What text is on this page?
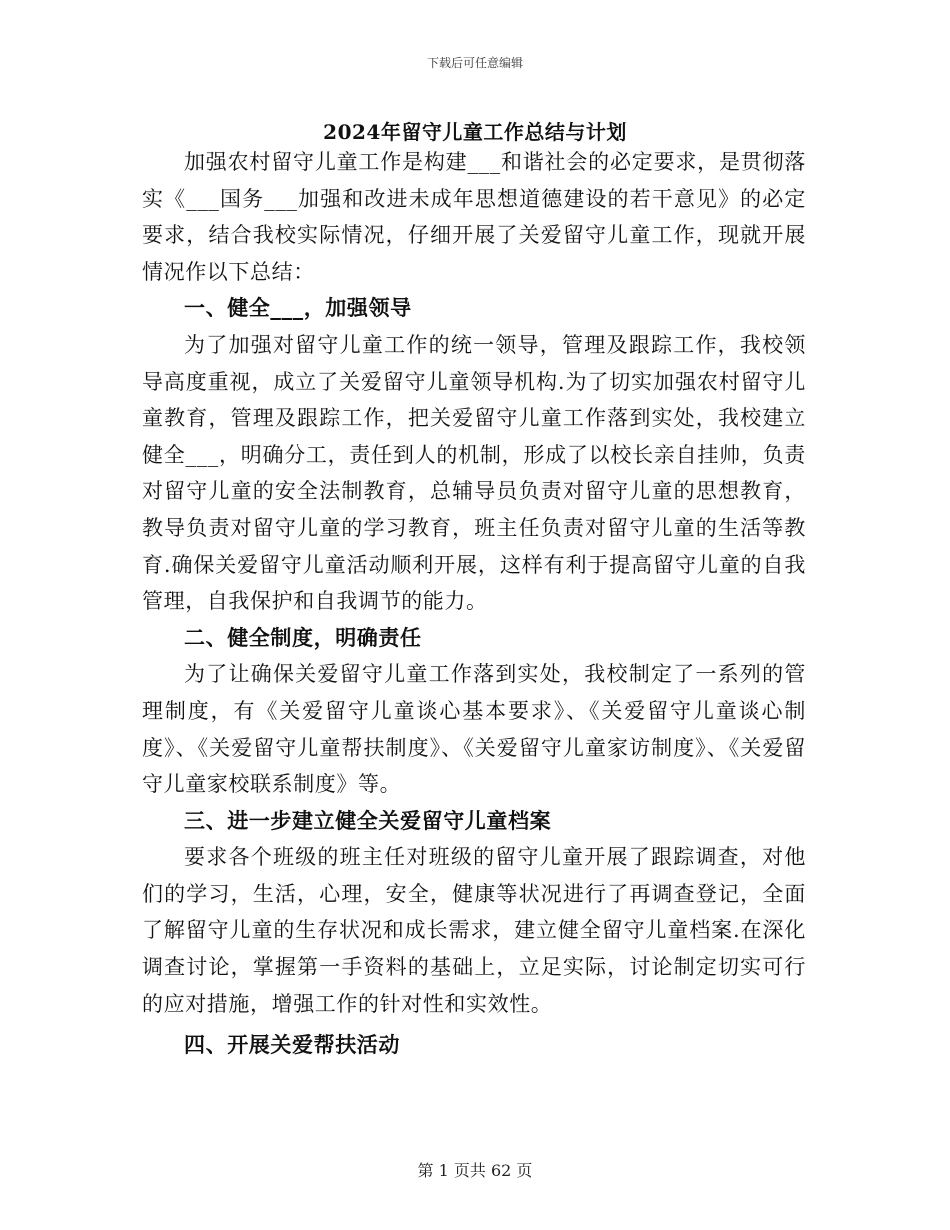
下载后可任意编辑
2024年留守儿童工作总结与计划

加强农村留守儿童工作是构建___和谐社会的必定要求，是贯彻落实《___国务___加强和改进未成年思想道德建设的若干意见》的必定要求，结合我校实际情况，仔细开展了关爱留守儿童工作，现就开展情况作以下总结：

一、健全___，加强领导

为了加强对留守儿童工作的统一领导，管理及跟踪工作，我校领导高度重视，成立了关爱留守儿童领导机构.为了切实加强农村留守儿童教育，管理及跟踪工作，把关爱留守儿童工作落到实处，我校建立健全___，明确分工，责任到人的机制，形成了以校长亲自挂帅，负责对留守儿童的安全法制教育，总辅导员负责对留守儿童的思想教育，教导负责对留守儿童的学习教育，班主任负责对留守儿童的生活等教育.确保关爱留守儿童活动顺利开展，这样有利于提高留守儿童的自我管理，自我保护和自我调节的能力。

二、健全制度，明确责任

为了让确保关爱留守儿童工作落到实处，我校制定了一系列的管理制度，有《关爱留守儿童谈心基本要求》、《关爱留守儿童谈心制度》、《关爱留守儿童帮扶制度》、《关爱留守儿童家访制度》、《关爱留守儿童家校联系制度》等。

三、进一步建立健全关爱留守儿童档案

要求各个班级的班主任对班级的留守儿童开展了跟踪调查，对他们的学习，生活，心理，安全，健康等状况进行了再调查登记，全面了解留守儿童的生存状况和成长需求，建立健全留守儿童档案.在深化调查讨论，掌握第一手资料的基础上，立足实际，讨论制定切实可行的应对措施，增强工作的针对性和实效性。

四、开展关爱帮扶活动

第 1 页共 62 页
